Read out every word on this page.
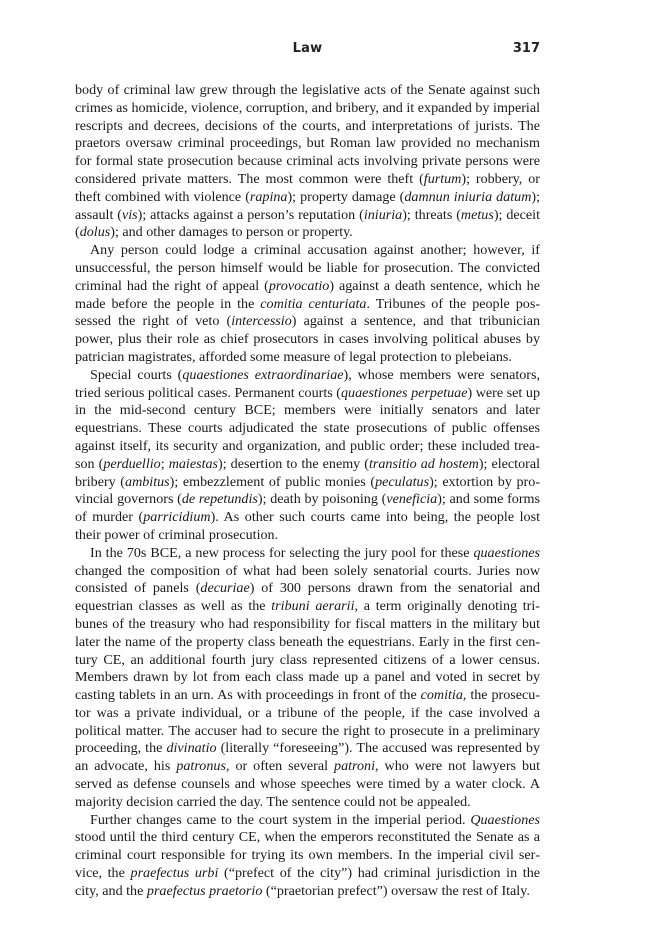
Law	317

body of criminal law grew through the legislative acts of the Senate against such crimes as homicide, violence, corruption, and bribery, and it expanded by imperial rescripts and decrees, decisions of the courts, and interpretations of jurists. The praetors oversaw criminal proceedings, but Roman law provided no mechanism for formal state prosecution because criminal acts involving private persons were considered private matters. The most common were theft (furtum); robbery, or theft combined with violence (rapina); property damage (damnun iniuria datum); assault (vis); attacks against a person’s reputation (iniuria); threats (metus); deceit (dolus); and other damages to person or property.

Any person could lodge a criminal accusation against another; however, if unsuccessful, the person himself would be liable for prosecution. The convicted criminal had the right of appeal (provocatio) against a death sentence, which he made before the people in the comitia centuriata. Tribunes of the people possessed the right of veto (intercessio) against a sentence, and that tribunician power, plus their role as chief prosecutors in cases involving political abuses by patrician magistrates, afforded some measure of legal protection to plebeians.

Special courts (quaestiones extraordinariae), whose members were senators, tried serious political cases. Permanent courts (quaestiones perpetuae) were set up in the mid-second century BCE; members were initially senators and later equestrians. These courts adjudicated the state prosecutions of public offenses against itself, its security and organization, and public order; these included treason (perduellio; maiestas); desertion to the enemy (transitio ad hostem); electoral bribery (ambitus); embezzlement of public monies (peculatus); extortion by provincial governors (de repetundis); death by poisoning (veneficia); and some forms of murder (parricidium). As other such courts came into being, the people lost their power of criminal prosecution.

In the 70s BCE, a new process for selecting the jury pool for these quaestiones changed the composition of what had been solely senatorial courts. Juries now consisted of panels (decuriae) of 300 persons drawn from the senatorial and equestrian classes as well as the tribuni aerarii, a term originally denoting tribunes of the treasury who had responsibility for fiscal matters in the military but later the name of the property class beneath the equestrians. Early in the first century CE, an additional fourth jury class represented citizens of a lower census. Members drawn by lot from each class made up a panel and voted in secret by casting tablets in an urn. As with proceedings in front of the comitia, the prosecutor was a private individual, or a tribune of the people, if the case involved a political matter. The accuser had to secure the right to prosecute in a preliminary proceeding, the divinatio (literally “foreseeing”). The accused was represented by an advocate, his patronus, or often several patroni, who were not lawyers but served as defense counsels and whose speeches were timed by a water clock. A majority decision carried the day. The sentence could not be appealed.

Further changes came to the court system in the imperial period. Quaestiones stood until the third century CE, when the emperors reconstituted the Senate as a criminal court responsible for trying its own members. In the imperial civil service, the praefectus urbi (“prefect of the city”) had criminal jurisdiction in the city, and the praefectus praetorio (“praetorian prefect”) oversaw the rest of Italy.
